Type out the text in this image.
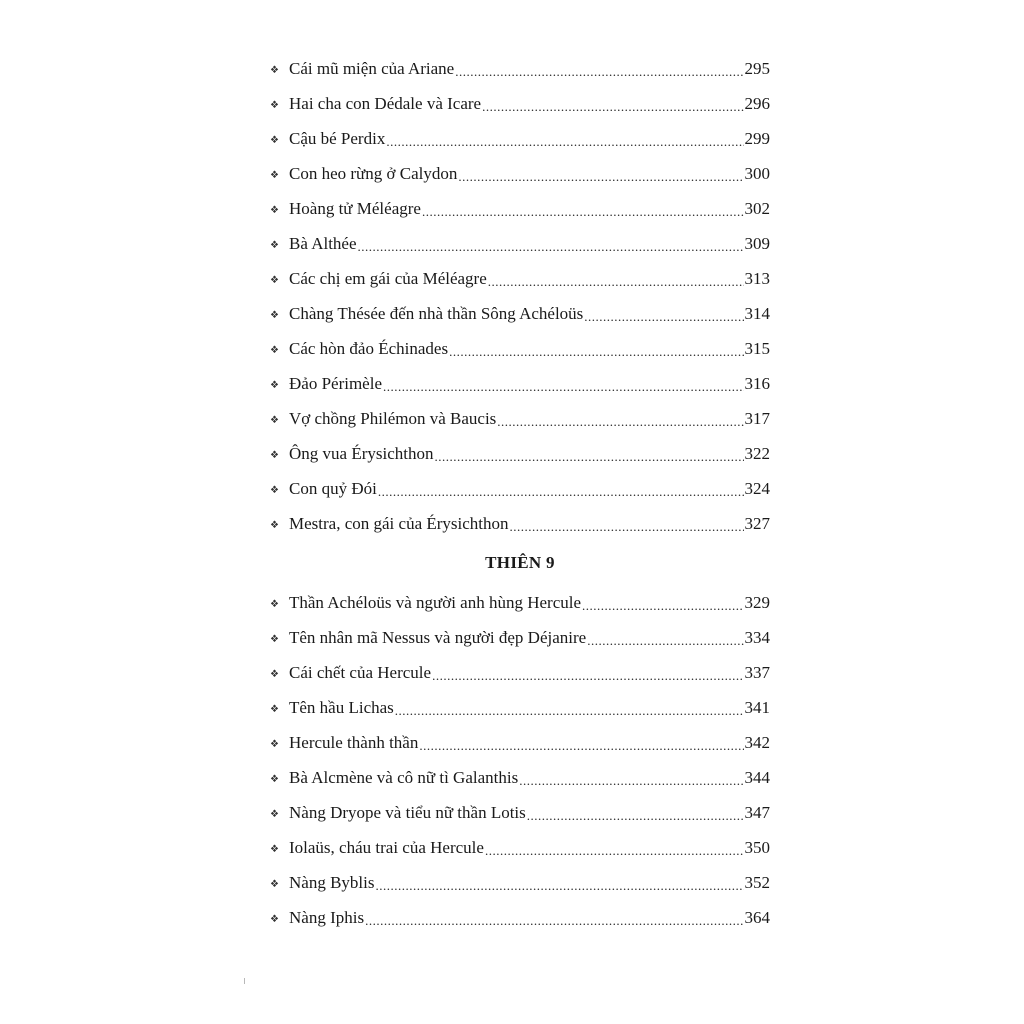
❖ Cái mũ miện của Ariane .....	295
❖ Hai cha con Dédale và Icare .....	296
❖ Cậu bé Perdix .....	299
❖ Con heo rừng ở Calydon .....	300
❖ Hoàng tử Méléagre .....	302
❖ Bà Althée .....	309
❖ Các chị em gái của Méléagre .....	313
❖ Chàng Thésée đến nhà thần Sông Achéloüs .....	314
❖ Các hòn đảo Échinades .....	315
❖ Đảo Périmèle .....	316
❖ Vợ chồng Philémon và Baucis .....	317
❖ Ông vua Érysichthon .....	322
❖ Con quỷ Đói .....	324
❖ Mestra, con gái của Érysichthon .....	327
THIÊN 9
❖ Thần Achéloüs và người anh hùng Hercule .....	329
❖ Tên nhân mã Nessus và người đẹp Déjanire .....	334
❖ Cái chết của Hercule .....	337
❖ Tên hầu Lichas .....	341
❖ Hercule thành thần .....	342
❖ Bà Alcmène và cô nữ tì Galanthis .....	344
❖ Nàng Dryope và tiểu nữ thần Lotis .....	347
❖ Iolaüs, cháu trai của Hercule .....	350
❖ Nàng Byblis .....	352
❖ Nàng Iphis .....	364
